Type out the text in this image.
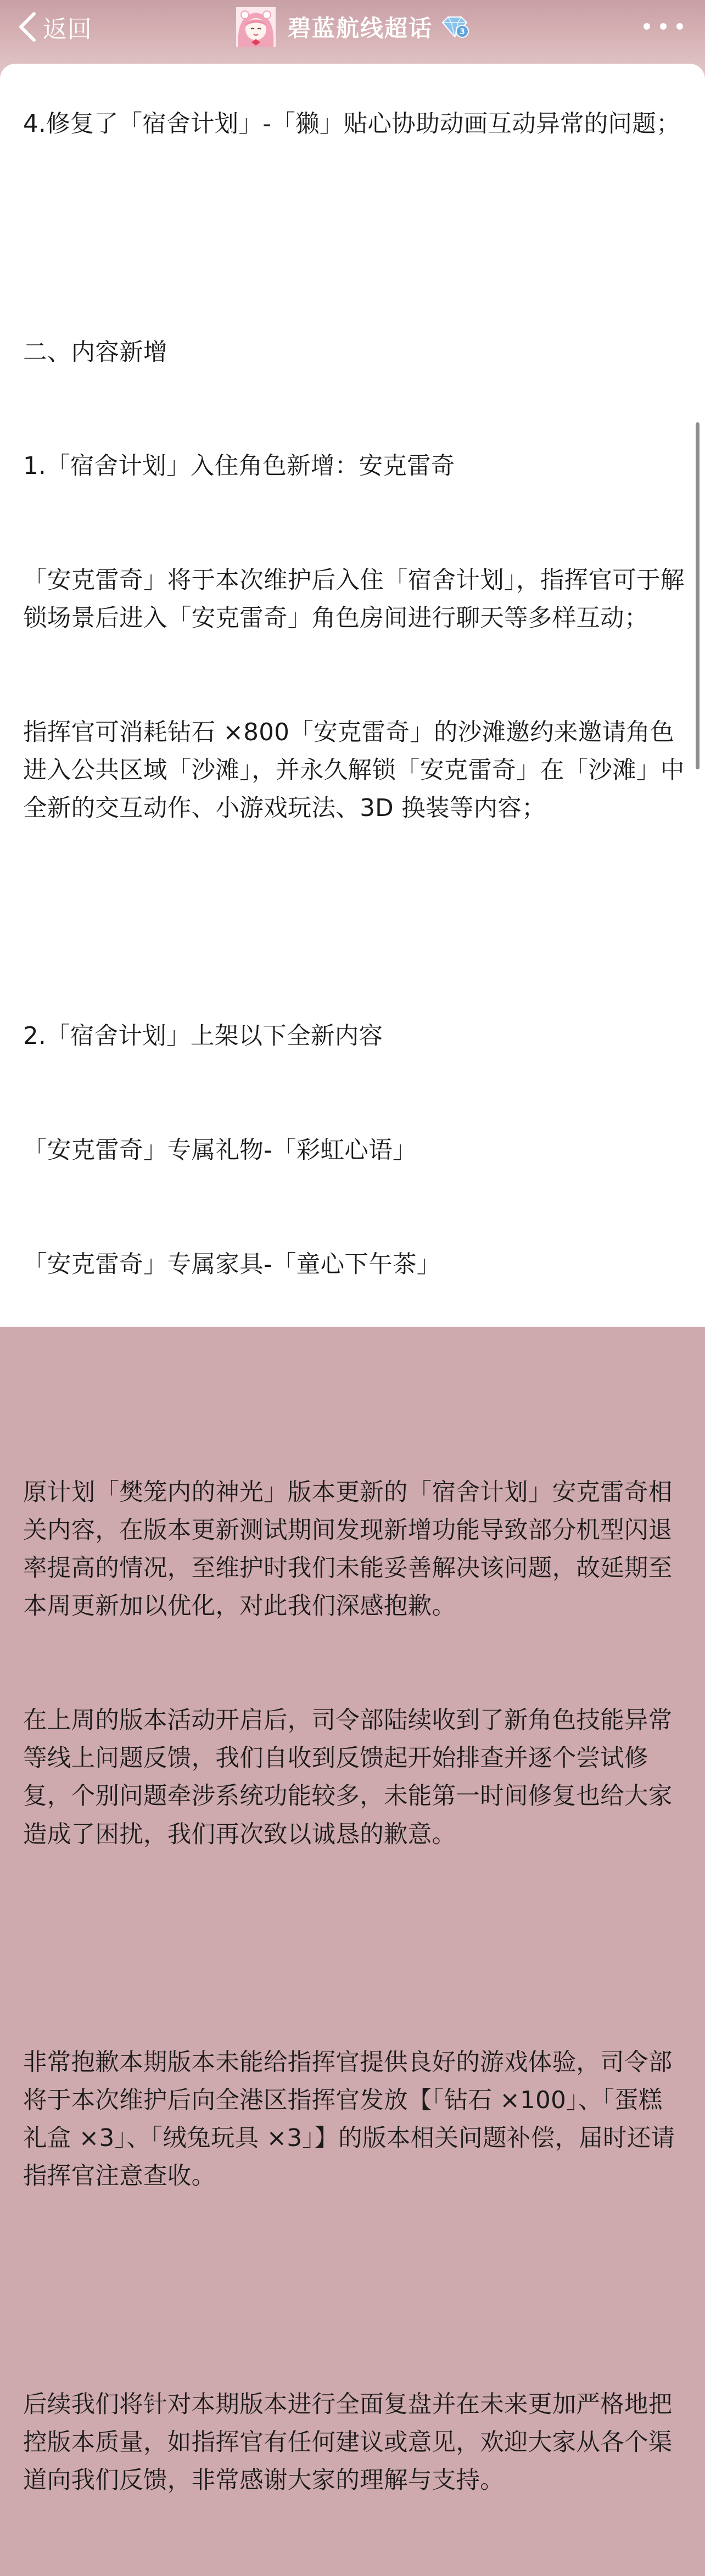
返回	碧蓝航线超话	3

4.修复了「宿舍计划」-「獭」贴心协助动画互动异常的问题；

二、内容新增

1.「宿舍计划」入住角色新增：安克雷奇

「安克雷奇」将于本次维护后入住「宿舍计划」，指挥官可于解锁场景后进入「安克雷奇」角色房间进行聊天等多样互动；

指挥官可消耗钻石 ×800「安克雷奇」的沙滩邀约来邀请角色进入公共区域「沙滩」，并永久解锁「安克雷奇」在「沙滩」中全新的交互动作、小游戏玩法、3D 换装等内容；

2.「宿舍计划」上架以下全新内容

「安克雷奇」专属礼物-「彩虹心语」

「安克雷奇」专属家具-「童心下午茶」

原计划「樊笼内的神光」版本更新的「宿舍计划」安克雷奇相关内容，在版本更新测试期间发现新增功能导致部分机型闪退率提高的情况，至维护时我们未能妥善解决该问题，故延期至本周更新加以优化，对此我们深感抱歉。

在上周的版本活动开启后，司令部陆续收到了新角色技能异常等线上问题反馈，我们自收到反馈起开始排查并逐个尝试修复，个别问题牵涉系统功能较多，未能第一时间修复也给大家造成了困扰，我们再次致以诚恳的歉意。

非常抱歉本期版本未能给指挥官提供良好的游戏体验，司令部将于本次维护后向全港区指挥官发放【「钻石 ×100」、「蛋糕礼盒 ×3」、「绒兔玩具 ×3」】的版本相关问题补偿，届时还请指挥官注意查收。

后续我们将针对本期版本进行全面复盘并在未来更加严格地把控版本质量，如指挥官有任何建议或意见，欢迎大家从各个渠道向我们反馈，非常感谢大家的理解与支持。
